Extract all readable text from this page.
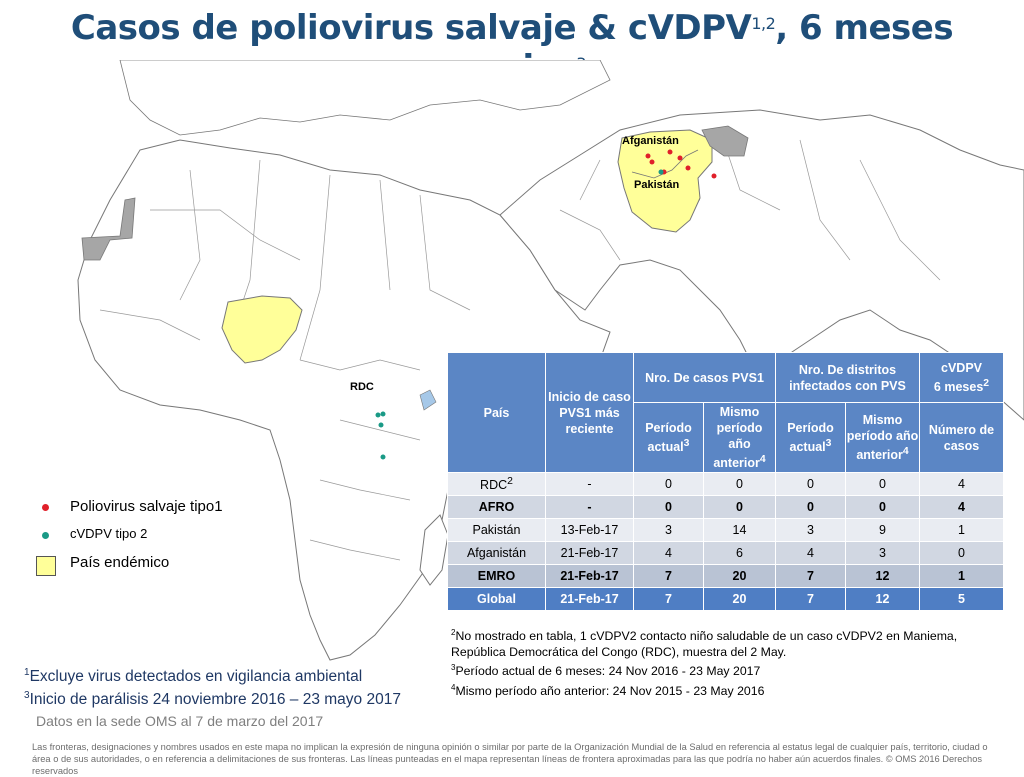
Casos de poliovirus salvaje & cVDPV$^{1,2}$, 6 meses
Afganistán
Pakistán
RDC
Poliovirus salvaje tipo1
cVDPV tipo 2
País endémico
País	Inicio de caso PVS1 más reciente	Nro. De casos PVS1		Nro. De distritos infectados con PVS		cVDPV
6 meses$^2$
		Período actual$^3$	Mismo período año anterior$^4$	Período actual$^3$	Mismo período año anterior$^4$	Número de casos
RDC$^2$	-	0	0	0	0	4
AFRO	-	0	0	0	0	4
Pakistán	13-Feb-17	3	14	3	9	1
Afganistán	21-Feb-17	4	6	4	3	0
EMRO	21-Feb-17	7	20	7	12	1
Global	21-Feb-17	7	20	7	12	5
$^2$No mostrado en tabla, 1 cVDPV2 contacto niño saludable de un caso cVDPV2 en Maniema, República Democrática del Congo (RDC), muestra del 2 May.
$^3$Período actual de 6 meses: 24 Nov 2016 - 23 May 2017
$^4$Mismo período año anterior: 24 Nov 2015 - 23 May 2016
$^1$Excluye virus detectados en vigilancia ambiental
$^3$Inicio de parálisis 24 noviembre 2016 – 23 mayo 2017
Datos en la sede OMS al 7 de marzo del 2017
Las fronteras, designaciones y nombres usados en este mapa no implican la expresión de ninguna opinión o similar por parte de la Organización Mundial de la Salud en referencia al estatus legal de cualquier país, territorio, ciudad o área o de sus autoridades, o en referencia a delimitaciones de sus fronteras. Las líneas punteadas en el mapa representan líneas de frontera aproximadas para las que podría no haber aún acuerdos finales. © OMS 2016 Derechos reservados
